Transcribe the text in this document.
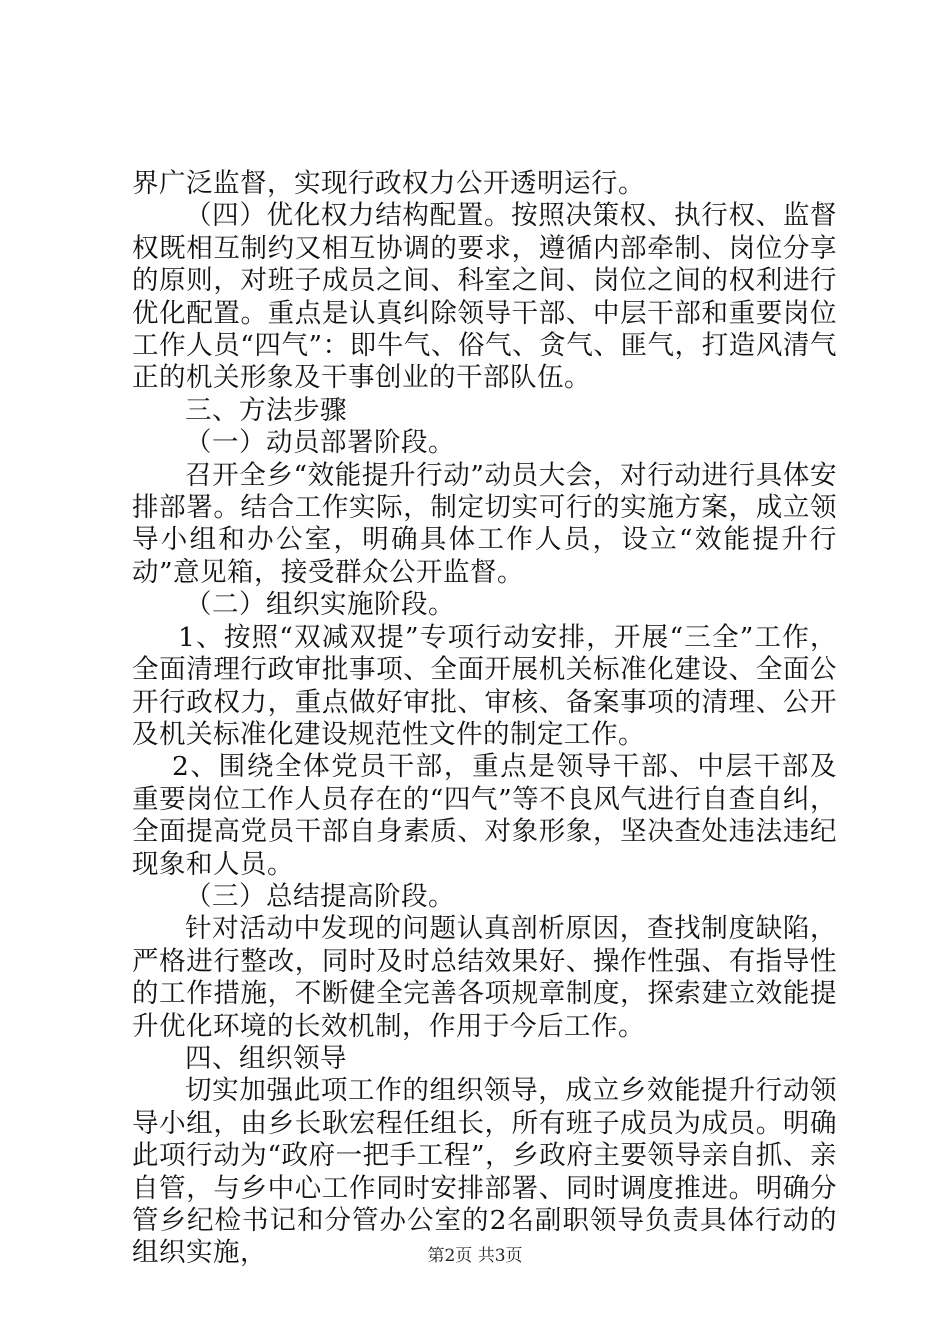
界广泛监督，实现行政权力公开透明运行。

（四）优化权力结构配置。按照决策权、执行权、监督权既相互制约又相互协调的要求，遵循内部牵制、岗位分享的原则，对班子成员之间、科室之间、岗位之间的权利进行优化配置。重点是认真纠除领导干部、中层干部和重要岗位工作人员“四气”：即牛气、俗气、贪气、匪气，打造风清气正的机关形象及干事创业的干部队伍。

三、方法步骤

（一）动员部署阶段。

召开全乡“效能提升行动”动员大会，对行动进行具体安排部署。结合工作实际，制定切实可行的实施方案，成立领导小组和办公室，明确具体工作人员，设立“效能提升行动”意见箱，接受群众公开监督。

（二）组织实施阶段。

1、按照“双减双提”专项行动安排，开展“三全”工作，全面清理行政审批事项、全面开展机关标准化建设、全面公开行政权力，重点做好审批、审核、备案事项的清理、公开及机关标准化建设规范性文件的制定工作。

2、围绕全体党员干部，重点是领导干部、中层干部及重要岗位工作人员存在的“四气”等不良风气进行自查自纠，全面提高党员干部自身素质、对象形象，坚决查处违法违纪现象和人员。

（三）总结提高阶段。

针对活动中发现的问题认真剖析原因，查找制度缺陷，严格进行整改，同时及时总结效果好、操作性强、有指导性的工作措施，不断健全完善各项规章制度，探索建立效能提升优化环境的长效机制，作用于今后工作。

四、组织领导

切实加强此项工作的组织领导，成立乡效能提升行动领导小组，由乡长耿宏程任组长，所有班子成员为成员。明确此项行动为“政府一把手工程”，乡政府主要领导亲自抓、亲自管，与乡中心工作同时安排部署、同时调度推进。明确分管乡纪检书记和分管办公室的2名副职领导负责具体行动的组织实施，	第2页 共3页
